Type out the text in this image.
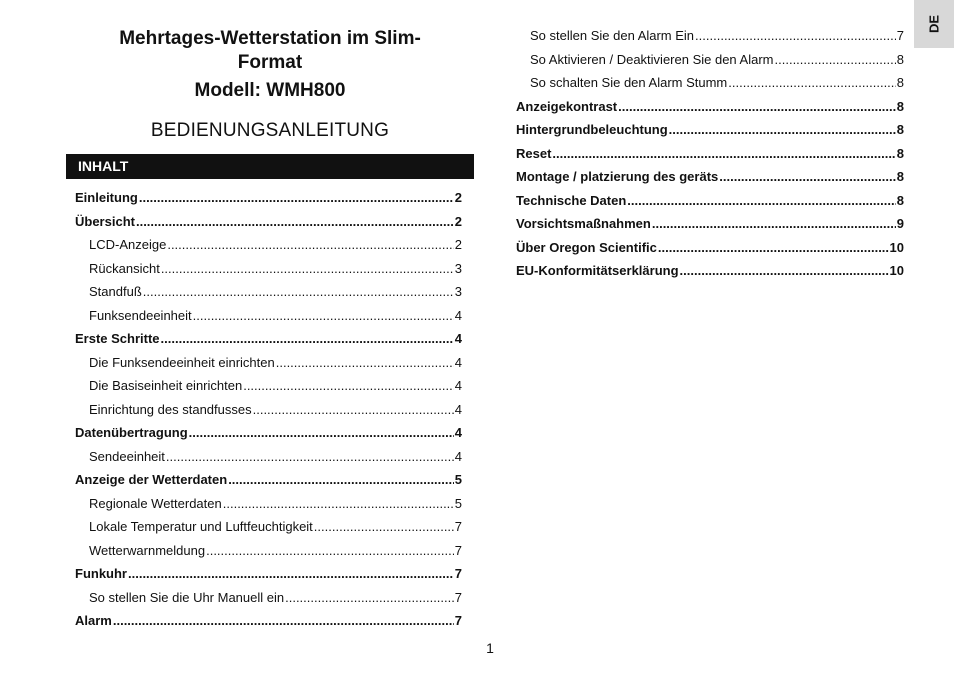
Mehrtages-Wetterstation im Slim-
Format
Modell: WMH800
BEDIENUNGSANLEITUNG
INHALT
Einleitung .....	2
Übersicht .....	2
LCD-Anzeige .....	2
Rückansicht .....	3
Standfuß .....	3
Funksendeeinheit .....	4
Erste Schritte .....	4
Die Funksendeeinheit einrichten .....	4
Die Basiseinheit einrichten .....	4
Einrichtung des standfusses .....	4
Datenübertragung .....	4
Sendeeinheit .....	4
Anzeige der Wetterdaten .....	5
Regionale Wetterdaten .....	5
Lokale Temperatur und Luftfeuchtigkeit .....	7
Wetterwarnmeldung .....	7
Funkuhr .....	7
So stellen Sie die Uhr Manuell ein .....	7
Alarm .....	7
So stellen Sie den Alarm Ein .....	7
So Aktivieren / Deaktivieren Sie den Alarm .....	8
So schalten Sie den Alarm Stumm .....	8
Anzeigekontrast .....	8
Hintergrundbeleuchtung .....	8
Reset .....	8
Montage / platzierung des geräts .....	8
Technische Daten .....	8
Vorsichtsmaßnahmen .....	9
Über Oregon Scientific .....	10
EU-Konformitätserklärung .....	10
DE
1
